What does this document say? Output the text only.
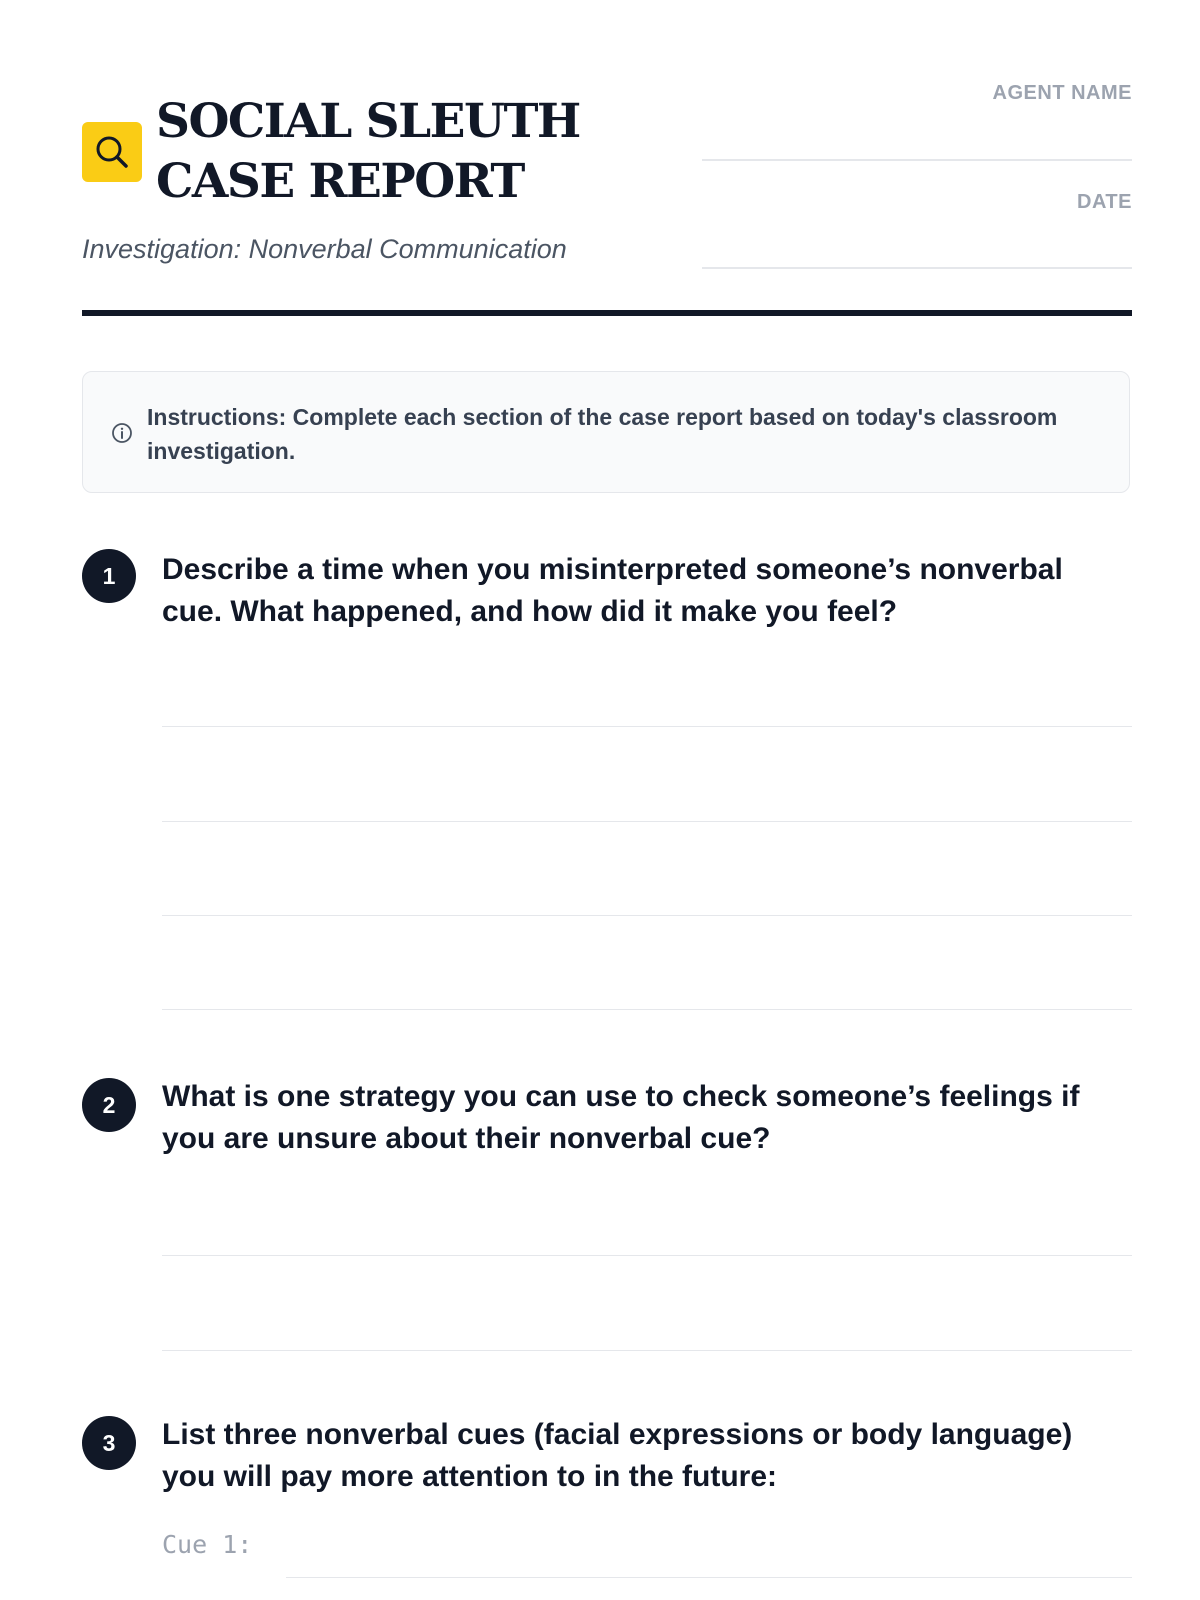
SOCIAL SLEUTH CASE REPORT

Investigation: Nonverbal Communication

AGENT NAME
DATE

Instructions: Complete each section of the case report based on today's classroom investigation.

1	Describe a time when you misinterpreted someone’s nonverbal cue. What happened, and how did it make you feel?

2	What is one strategy you can use to check someone’s feelings if you are unsure about their nonverbal cue?

3	List three nonverbal cues (facial expressions or body language) you will pay more attention to in the future:

Cue 1:
